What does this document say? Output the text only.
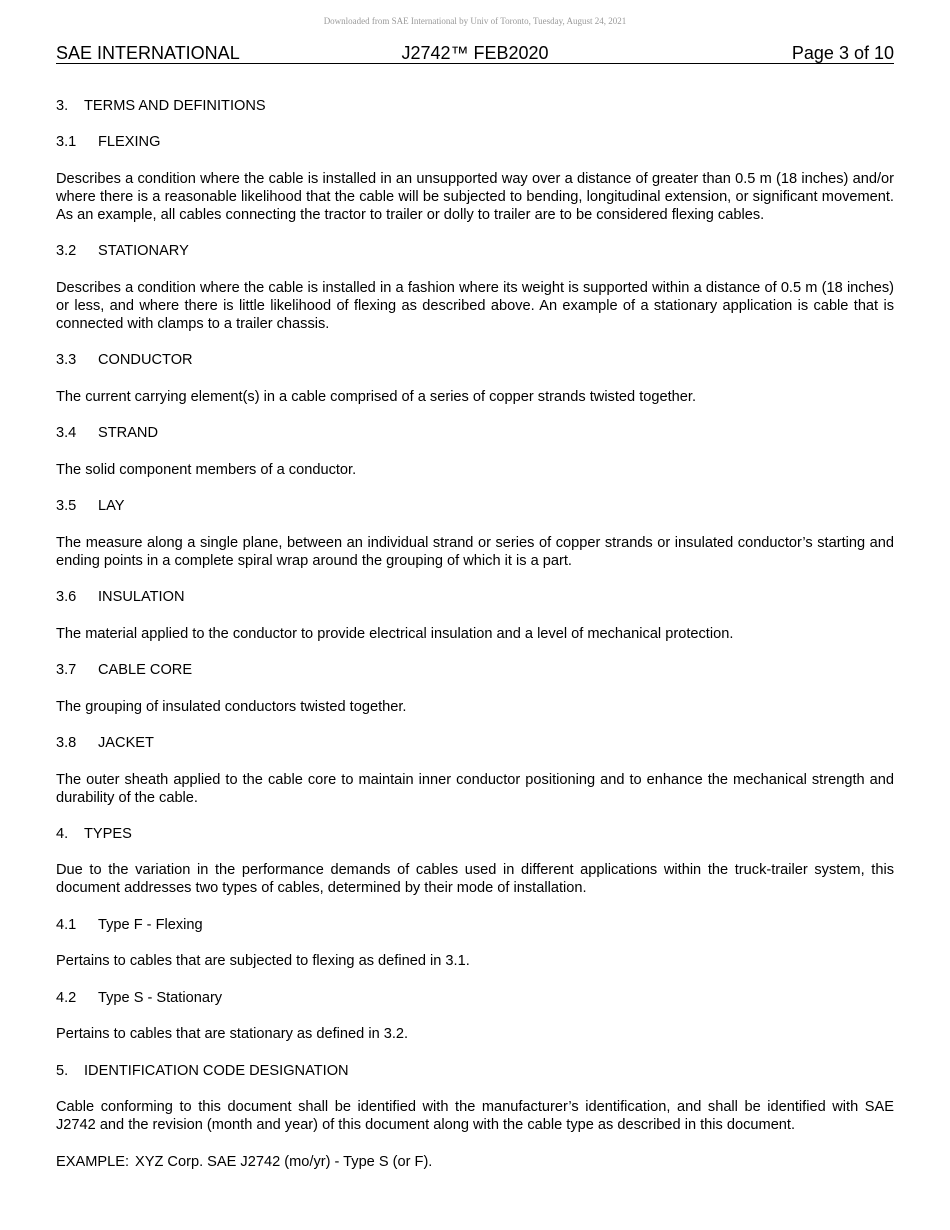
Downloaded from SAE International by Univ of Toronto, Tuesday, August 24, 2021
SAE INTERNATIONAL	J2742™ FEB2020	Page 3 of 10
3. TERMS AND DEFINITIONS
3.1 FLEXING

Describes a condition where the cable is installed in an unsupported way over a distance of greater than 0.5 m (18 inches) and/or where there is a reasonable likelihood that the cable will be subjected to bending, longitudinal extension, or significant movement. As an example, all cables connecting the tractor to trailer or dolly to trailer are to be considered flexing cables.

3.2 STATIONARY

Describes a condition where the cable is installed in a fashion where its weight is supported within a distance of 0.5 m (18 inches) or less, and where there is little likelihood of flexing as described above. An example of a stationary application is cable that is connected with clamps to a trailer chassis.

3.3 CONDUCTOR

The current carrying element(s) in a cable comprised of a series of copper strands twisted together.

3.4 STRAND

The solid component members of a conductor.

3.5 LAY

The measure along a single plane, between an individual strand or series of copper strands or insulated conductor’s starting and ending points in a complete spiral wrap around the grouping of which it is a part.

3.6 INSULATION

The material applied to the conductor to provide electrical insulation and a level of mechanical protection.

3.7 CABLE CORE

The grouping of insulated conductors twisted together.

3.8 JACKET

The outer sheath applied to the cable core to maintain inner conductor positioning and to enhance the mechanical strength and durability of the cable.

4. TYPES

Due to the variation in the performance demands of cables used in different applications within the truck-trailer system, this document addresses two types of cables, determined by their mode of installation.

4.1 Type F - Flexing

Pertains to cables that are subjected to flexing as defined in 3.1.

4.2 Type S - Stationary

Pertains to cables that are stationary as defined in 3.2.

5. IDENTIFICATION CODE DESIGNATION

Cable conforming to this document shall be identified with the manufacturer’s identification, and shall be identified with SAE J2742 and the revision (month and year) of this document along with the cable type as described in this document.

EXAMPLE: XYZ Corp. SAE J2742 (mo/yr) - Type S (or F).
